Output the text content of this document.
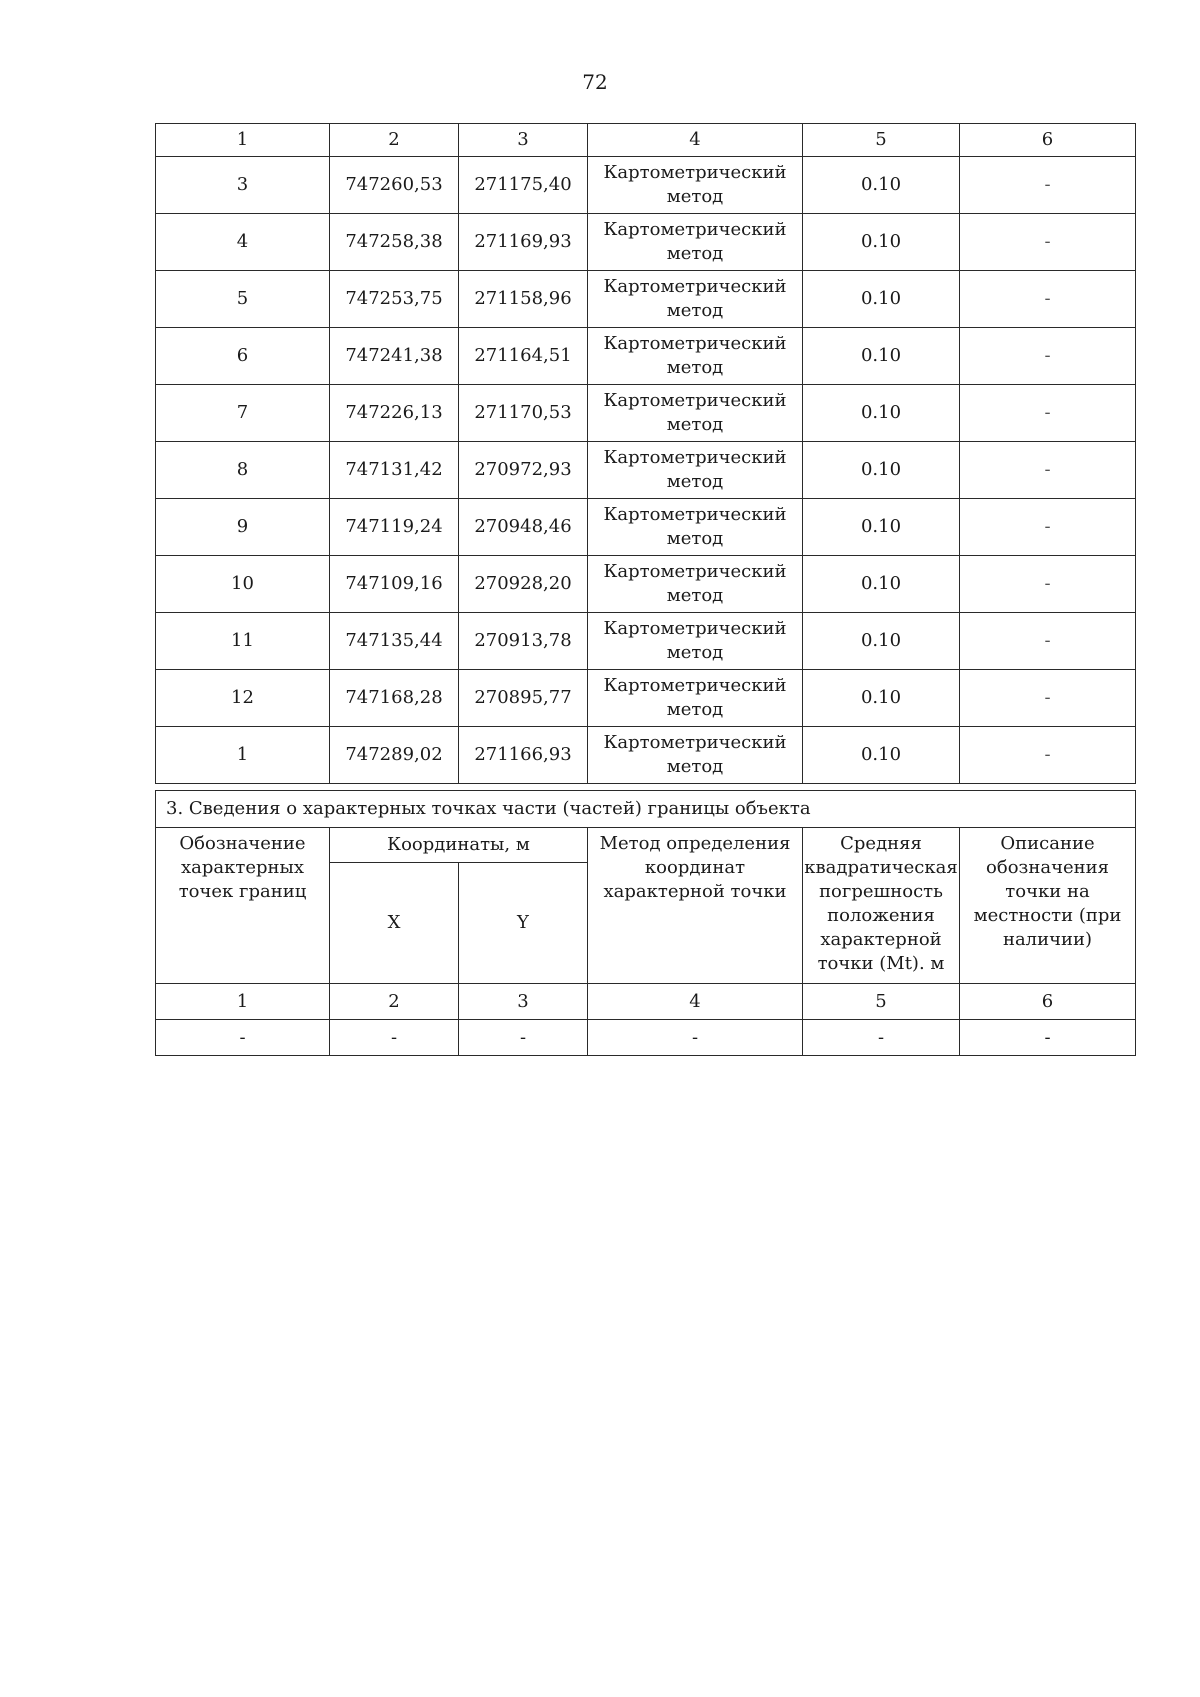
72
1	2	3	4	5	6
3	747260,53	271175,40	Картометрический метод	0.10	-
4	747258,38	271169,93	Картометрический метод	0.10	-
5	747253,75	271158,96	Картометрический метод	0.10	-
6	747241,38	271164,51	Картометрический метод	0.10	-
7	747226,13	271170,53	Картометрический метод	0.10	-
8	747131,42	270972,93	Картометрический метод	0.10	-
9	747119,24	270948,46	Картометрический метод	0.10	-
10	747109,16	270928,20	Картометрический метод	0.10	-
11	747135,44	270913,78	Картометрический метод	0.10	-
12	747168,28	270895,77	Картометрический метод	0.10	-
1	747289,02	271166,93	Картометрический метод	0.10	-
3. Сведения о характерных точках части (частей) границы объекта					
Обозначение характерных точек границ	Координаты, м		Метод определения координат характерной точки	Средняя квадратическая погрешность положения характерной точки (Mt). м	Описание обозначения точки на местности (при наличии)
	X	Y			
1	2	3	4	5	6
-	-	-	-	-	-
